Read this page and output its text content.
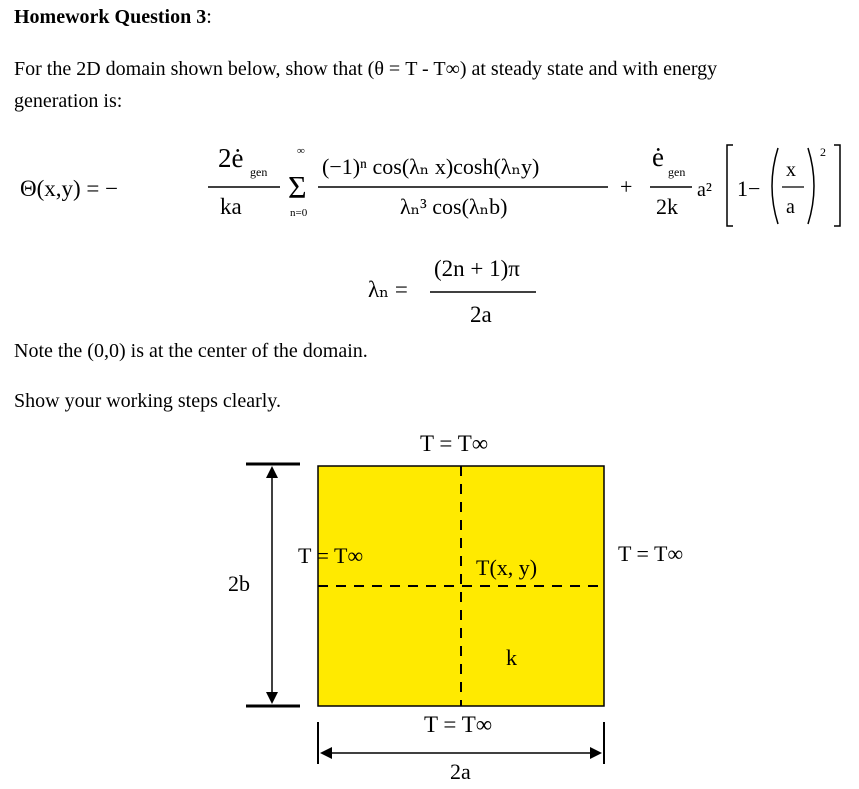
Homework Question 3:
For the 2D domain shown below, show that (θ = T - T∞) at steady state and with energy
generation is:
Θ(x,y) = −
2ė gen
ka
∞
Σ
n=0
(−1)ⁿ cos(λₙ x)cosh(λₙy)
λₙ³ cos(λₙb)
+
ė gen
2k
a² 1−
x
a
2
λₙ =
(2n + 1)π
2a
T = T∞
T = T∞	T(x, y)
T = T∞
k
T = T∞
2b
2a
Note the (0,0) is at the center of the domain.
Show your working steps clearly.
